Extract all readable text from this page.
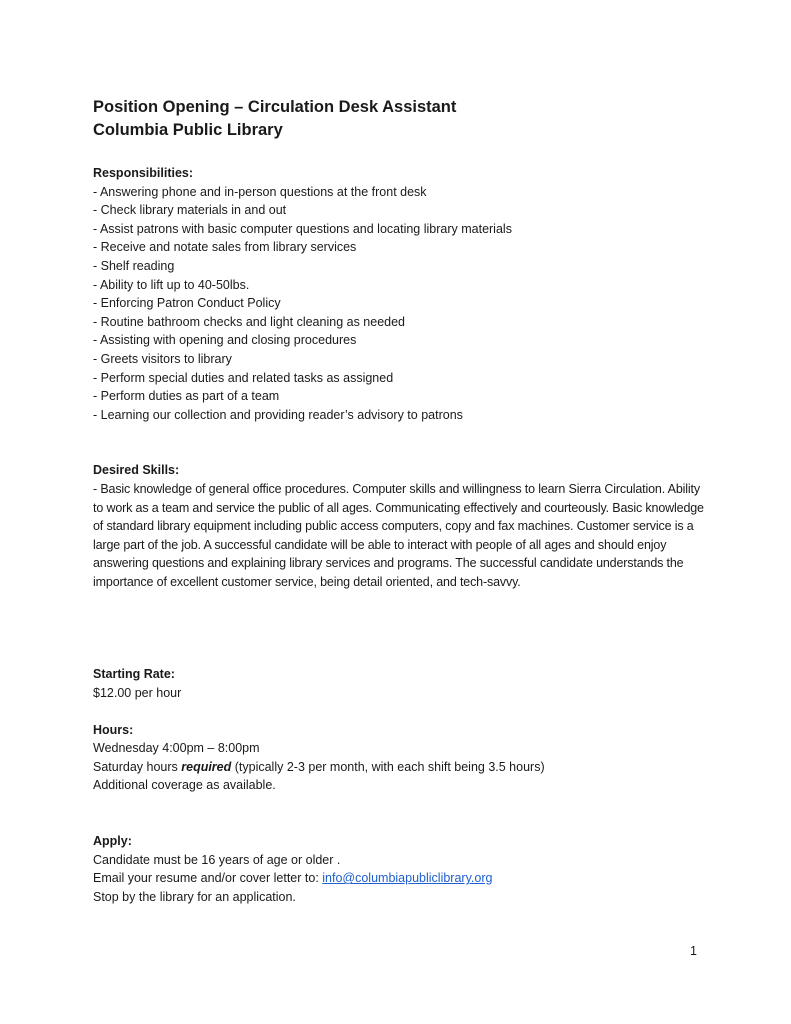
Position Opening – Circulation Desk Assistant

Columbia Public Library

Responsibilities:

- Answering phone and in-person questions at the front desk

- Check library materials in and out

- Assist patrons with basic computer questions and locating library materials

- Receive and notate sales from library services

- Shelf reading

- Ability to lift up to 40-50lbs.

- Enforcing Patron Conduct Policy

- Routine bathroom checks and light cleaning as needed

- Assisting with opening and closing procedures

- Greets visitors to library

- Perform special duties and related tasks as assigned

- Perform duties as part of a team

- Learning our collection and providing reader’s advisory to patrons

Desired Skills:

- Basic knowledge of general office procedures. Computer skills and willingness to learn Sierra Circulation. Ability to work as a team and service the public of all ages. Communicating effectively and courteously. Basic knowledge of standard library equipment including public access computers, copy and fax machines. Customer service is a large part of the job. A successful candidate will be able to interact with people of all ages and should enjoy answering questions and explaining library services and programs. The successful candidate understands the importance of excellent customer service, being detail oriented, and tech-savvy.

Starting Rate:

$12.00 per hour

Hours:

Wednesday 4:00pm – 8:00pm

Saturday hours required (typically 2-3 per month, with each shift being 3.5 hours)

Additional coverage as available.

Apply:

Candidate must be 16 years of age or older .

Email your resume and/or cover letter to: info@columbiapubliclibrary.org

Stop by the library for an application.

1
